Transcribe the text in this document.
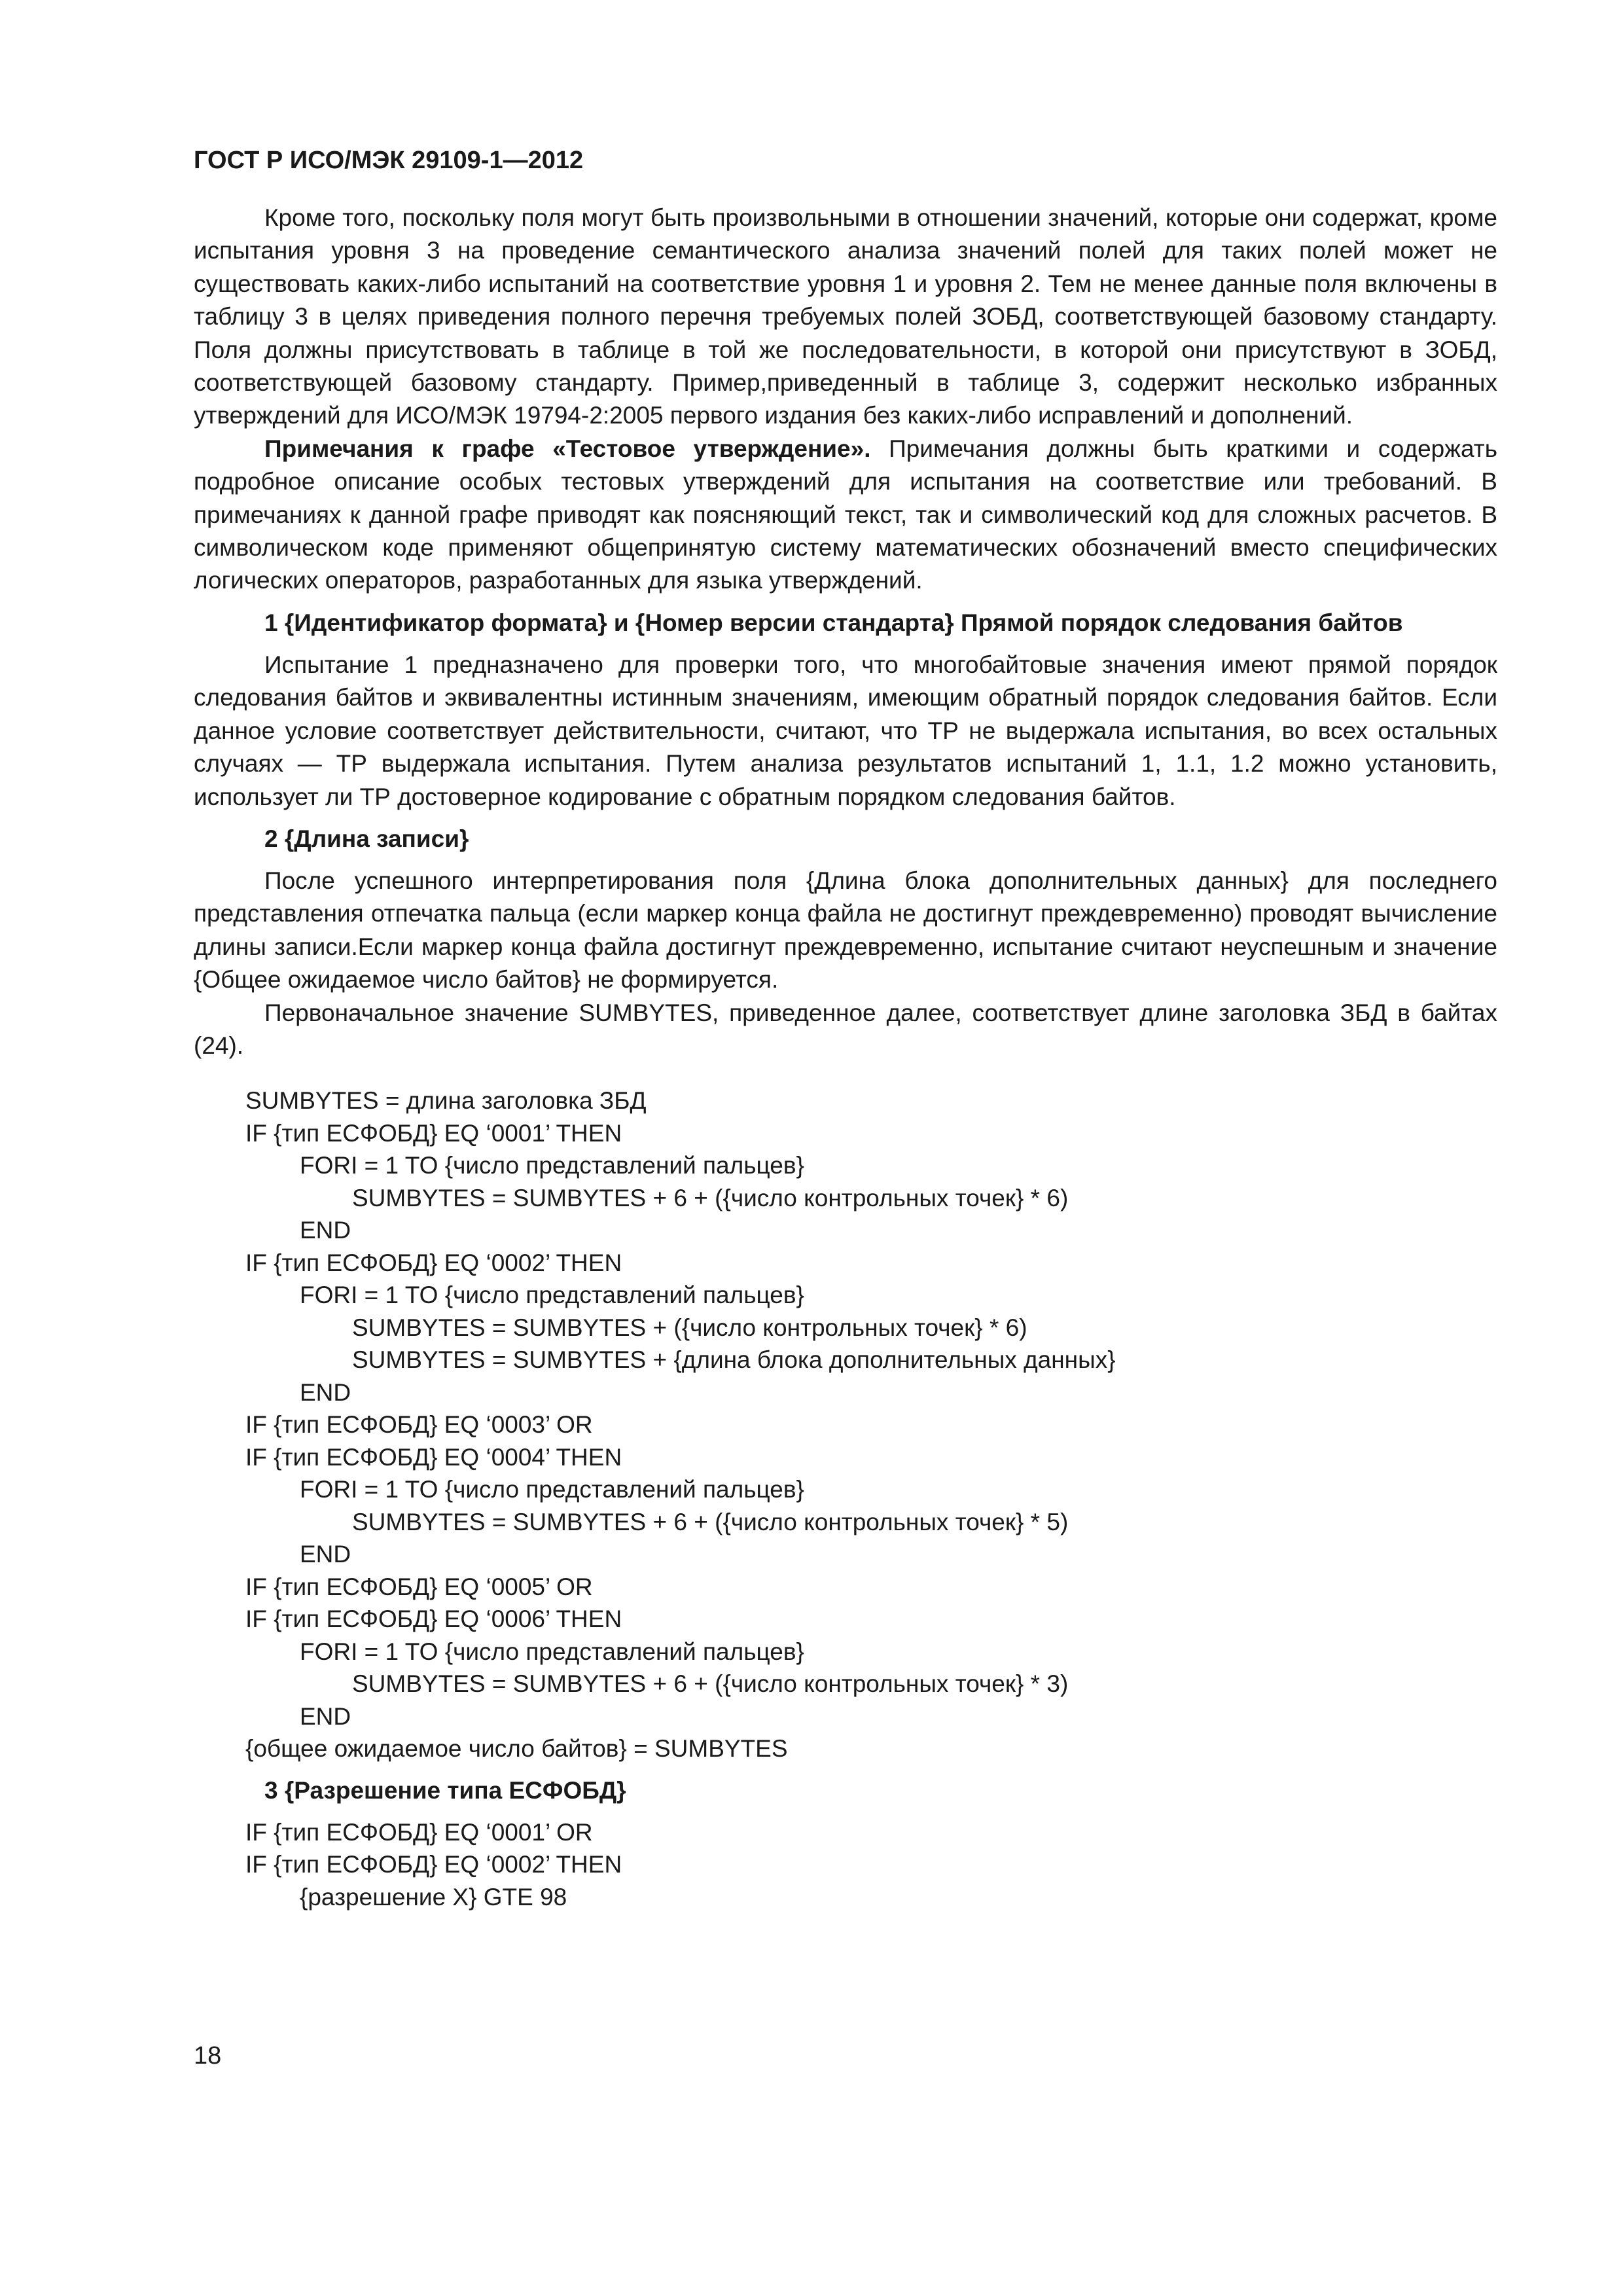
ГОСТ Р ИСО/МЭК 29109-1—2012

Кроме того, поскольку поля могут быть произвольными в отношении значений, которые они содержат, кроме испытания уровня 3 на проведение семантического анализа значений полей для таких полей может не существовать каких-либо испытаний на соответствие уровня 1 и уровня 2. Тем не менее данные поля включены в таблицу 3 в целях приведения полного перечня требуемых полей ЗОБД, соответствующей базовому стандарту. Поля должны присутствовать в таблице в той же последовательности, в которой они присутствуют в ЗОБД, соответствующей базовому стандарту. Пример,приведенный в таблице 3, содержит несколько избранных утверждений для ИСО/МЭК 19794-2:2005 первого издания без каких-либо исправлений и дополнений.

Примечания к графе «Тестовое утверждение». Примечания должны быть краткими и содержать подробное описание особых тестовых утверждений для испытания на соответствие или требований. В примечаниях к данной графе приводят как поясняющий текст, так и символический код для сложных расчетов. В символическом коде применяют общепринятую систему математических обозначений вместо специфических логических операторов, разработанных для языка утверждений.

1 {Идентификатор формата} и {Номер версии стандарта} Прямой порядок следования байтов

Испытание 1 предназначено для проверки того, что многобайтовые значения имеют прямой порядок следования байтов и эквивалентны истинным значениям, имеющим обратный порядок следования байтов. Если данное условие соответствует действительности, считают, что ТР не выдержала испытания, во всех остальных случаях — ТР выдержала испытания. Путем анализа результатов испытаний 1, 1.1, 1.2 можно установить, использует ли ТР достоверное кодирование с обратным порядком следования байтов.

2 {Длина записи}

После успешного интерпретирования поля {Длина блока дополнительных данных} для последнего представления отпечатка пальца (если маркер конца файла не достигнут преждевременно) проводят вычисление длины записи.Если маркер конца файла достигнут преждевременно, испытание считают неуспешным и значение {Общее ожидаемое число байтов} не формируется.

Первоначальное значение SUMBYTES, приведенное далее, соответствует длине заголовка ЗБД в байтах (24).

SUMBYTES = длина заголовка ЗБД
IF {тип ЕСФОБД} EQ ‘0001’ THEN
FORI = 1 TO {число представлений пальцев}
SUMBYTES = SUMBYTES + 6 + ({число контрольных точек} * 6)
END
IF {тип ЕСФОБД} EQ ‘0002’ THEN
FORI = 1 TO {число представлений пальцев}
SUMBYTES = SUMBYTES + ({число контрольных точек} * 6)
SUMBYTES = SUMBYTES + {длина блока дополнительных данных}
END
IF {тип ЕСФОБД} EQ ‘0003’ OR
IF {тип ЕСФОБД} EQ ‘0004’ THEN
FORI = 1 TO {число представлений пальцев}
SUMBYTES = SUMBYTES + 6 + ({число контрольных точек} * 5)
END
IF {тип ЕСФОБД} EQ ‘0005’ OR
IF {тип ЕСФОБД} EQ ‘0006’ THEN
FORI = 1 TO {число представлений пальцев}
SUMBYTES = SUMBYTES + 6 + ({число контрольных точек} * 3)
END
{общее ожидаемое число байтов} = SUMBYTES
3 {Разрешение типа ЕСФОБД}
IF {тип ЕСФОБД} EQ ‘0001’ OR
IF {тип ЕСФОБД} EQ ‘0002’ THEN
{разрешение X} GTE 98
18
